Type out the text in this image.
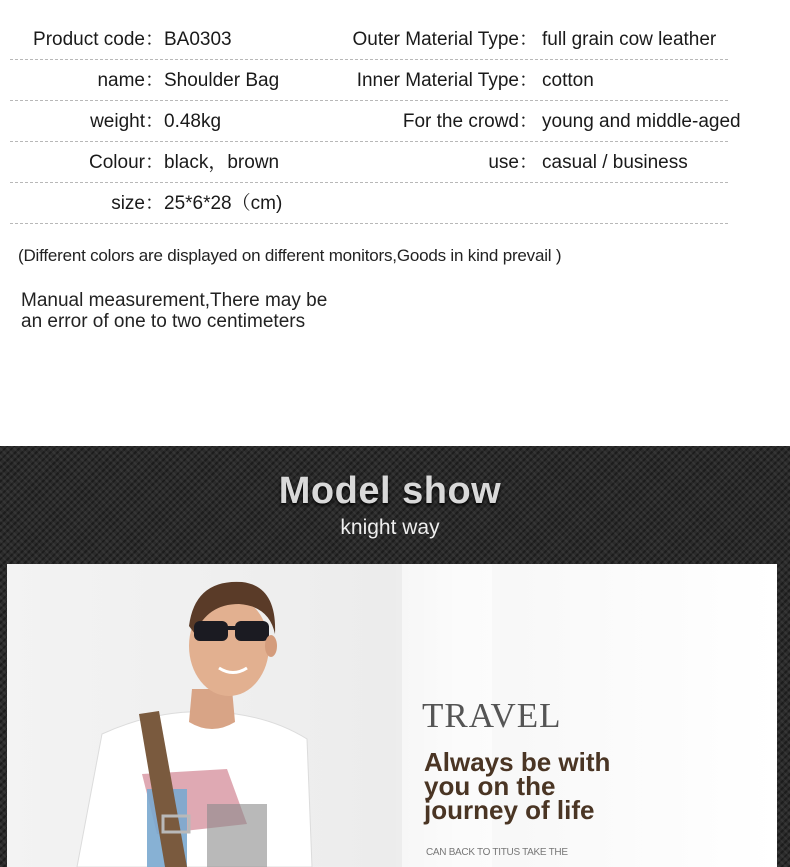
Product code： BA0303	Outer Material Type： full grain cow leather
name： Shoulder Bag	Inner Material Type： cotton
weight： 0.48kg	For the crowd： young and middle-aged
Colour： black，brown	use： casual / business
size： 25*6*28（cm)
(Different colors are displayed on different monitors,Goods in kind prevail )
Manual measurement,There may be
an error of one to two centimeters
Model show
knight way
TRAVEL
Always be with
you on the
journey of life
CAN BACK TO TITUS TAKE THE
